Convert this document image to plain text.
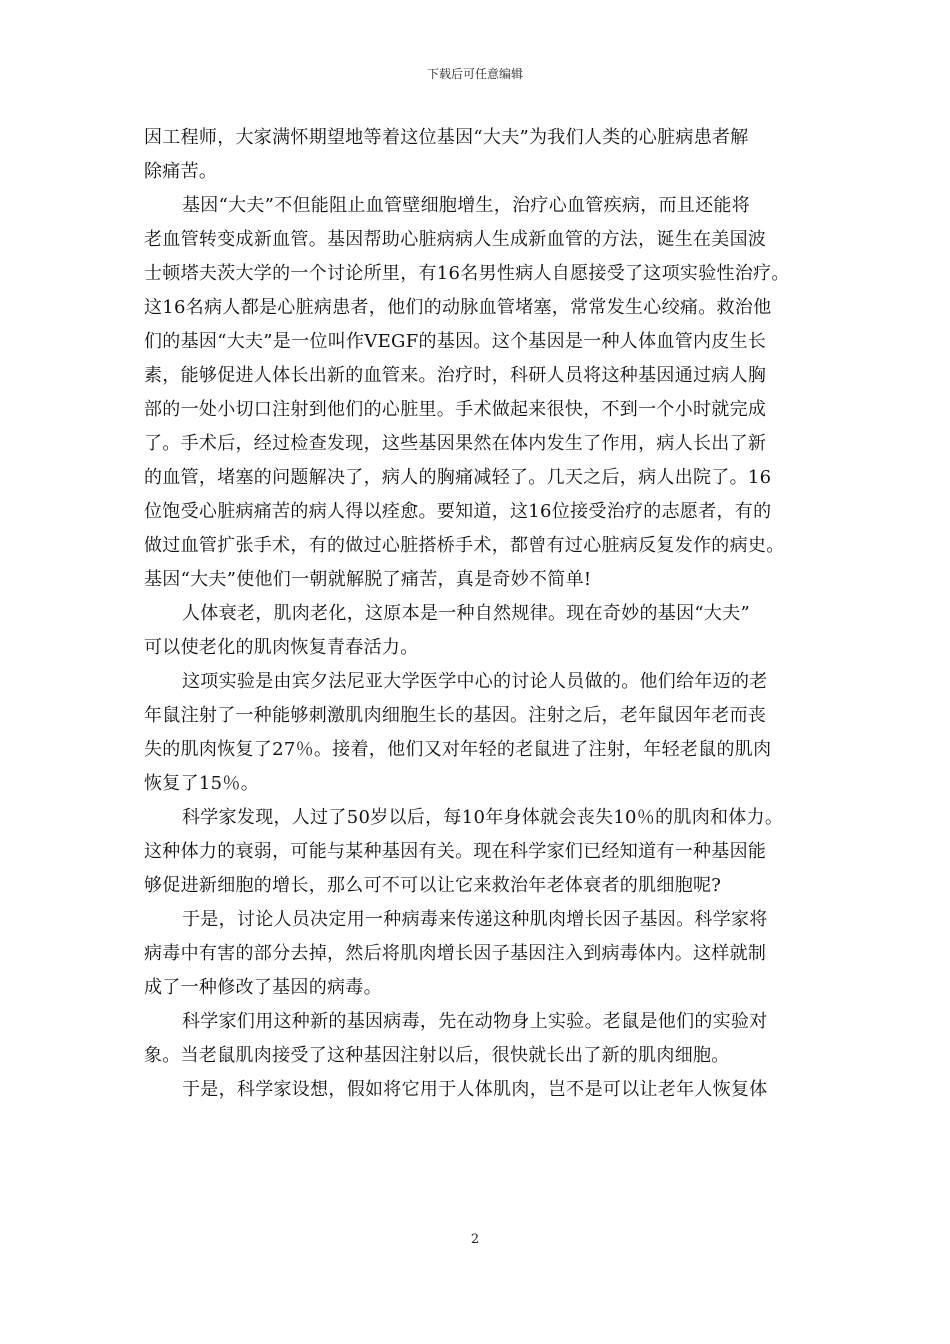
下载后可任意编辑
因工程师，大家满怀期望地等着这位基因“大夫”为我们人类的心脏病患者解
除痛苦。
基因“大夫”不但能阻止血管壁细胞增生，治疗心血管疾病，而且还能将
老血管转变成新血管。基因帮助心脏病病人生成新血管的方法，诞生在美国波
士顿塔夫茨大学的一个讨论所里，有16名男性病人自愿接受了这项实验性治疗。
这16名病人都是心脏病患者，他们的动脉血管堵塞，常常发生心绞痛。救治他
们的基因“大夫”是一位叫作VEGF的基因。这个基因是一种人体血管内皮生长
素，能够促进人体长出新的血管来。治疗时，科研人员将这种基因通过病人胸
部的一处小切口注射到他们的心脏里。手术做起来很快，不到一个小时就完成
了。手术后，经过检查发现，这些基因果然在体内发生了作用，病人长出了新
的血管，堵塞的问题解决了，病人的胸痛减轻了。几天之后，病人出院了。16
位饱受心脏病痛苦的病人得以痊愈。要知道，这16位接受治疗的志愿者，有的
做过血管扩张手术，有的做过心脏搭桥手术，都曾有过心脏病反复发作的病史。
基因“大夫”使他们一朝就解脱了痛苦，真是奇妙不简单!
人体衰老，肌肉老化，这原本是一种自然规律。现在奇妙的基因“大夫”
可以使老化的肌肉恢复青春活力。
这项实验是由宾夕法尼亚大学医学中心的讨论人员做的。他们给年迈的老
年鼠注射了一种能够刺激肌肉细胞生长的基因。注射之后，老年鼠因年老而丧
失的肌肉恢复了27％。接着，他们又对年轻的老鼠进了注射，年轻老鼠的肌肉
恢复了15％。
科学家发现，人过了50岁以后，每10年身体就会丧失10％的肌肉和体力。
这种体力的衰弱，可能与某种基因有关。现在科学家们已经知道有一种基因能
够促进新细胞的增长，那么可不可以让它来救治年老体衰者的肌细胞呢?
于是，讨论人员决定用一种病毒来传递这种肌肉增长因子基因。科学家将
病毒中有害的部分去掉，然后将肌肉增长因子基因注入到病毒体内。这样就制
成了一种修改了基因的病毒。
科学家们用这种新的基因病毒，先在动物身上实验。老鼠是他们的实验对
象。当老鼠肌肉接受了这种基因注射以后，很快就长出了新的肌肉细胞。
于是，科学家设想，假如将它用于人体肌肉，岂不是可以让老年人恢复体
2
